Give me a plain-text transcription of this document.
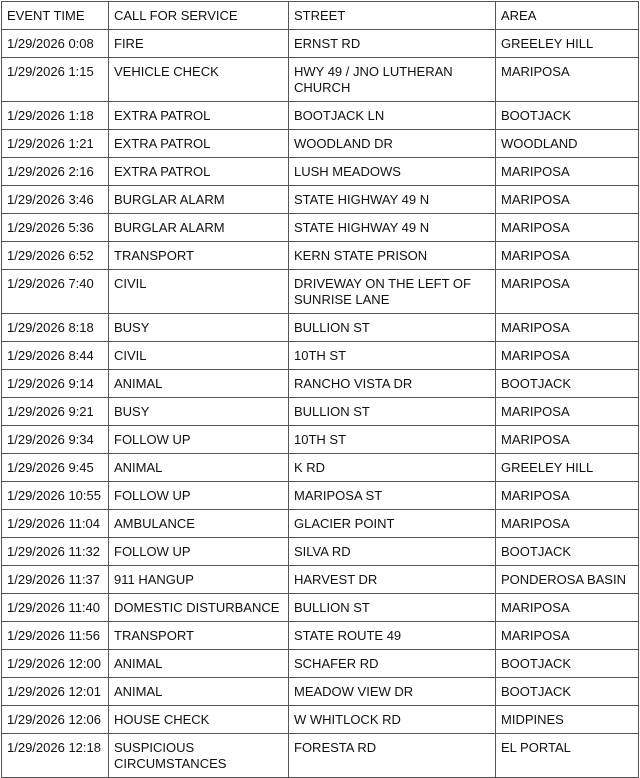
EVENT TIME	CALL FOR SERVICE	STREET	AREA
1/29/2026 0:08	FIRE	ERNST RD	GREELEY HILL
1/29/2026 1:15	VEHICLE CHECK	HWY 49 / JNO LUTHERAN CHURCH	MARIPOSA
1/29/2026 1:18	EXTRA PATROL	BOOTJACK LN	BOOTJACK
1/29/2026 1:21	EXTRA PATROL	WOODLAND DR	WOODLAND
1/29/2026 2:16	EXTRA PATROL	LUSH MEADOWS	MARIPOSA
1/29/2026 3:46	BURGLAR ALARM	STATE HIGHWAY 49 N	MARIPOSA
1/29/2026 5:36	BURGLAR ALARM	STATE HIGHWAY 49 N	MARIPOSA
1/29/2026 6:52	TRANSPORT	KERN STATE PRISON	MARIPOSA
1/29/2026 7:40	CIVIL	DRIVEWAY ON THE LEFT OF SUNRISE LANE	MARIPOSA
1/29/2026 8:18	BUSY	BULLION ST	MARIPOSA
1/29/2026 8:44	CIVIL	10TH ST	MARIPOSA
1/29/2026 9:14	ANIMAL	RANCHO VISTA DR	BOOTJACK
1/29/2026 9:21	BUSY	BULLION ST	MARIPOSA
1/29/2026 9:34	FOLLOW UP	10TH ST	MARIPOSA
1/29/2026 9:45	ANIMAL	K RD	GREELEY HILL
1/29/2026 10:55	FOLLOW UP	MARIPOSA ST	MARIPOSA
1/29/2026 11:04	AMBULANCE	GLACIER POINT	MARIPOSA
1/29/2026 11:32	FOLLOW UP	SILVA RD	BOOTJACK
1/29/2026 11:37	911 HANGUP	HARVEST DR	PONDEROSA BASIN
1/29/2026 11:40	DOMESTIC DISTURBANCE	BULLION ST	MARIPOSA
1/29/2026 11:56	TRANSPORT	STATE ROUTE 49	MARIPOSA
1/29/2026 12:00	ANIMAL	SCHAFER RD	BOOTJACK
1/29/2026 12:01	ANIMAL	MEADOW VIEW DR	BOOTJACK
1/29/2026 12:06	HOUSE CHECK	W WHITLOCK RD	MIDPINES
1/29/2026 12:18	SUSPICIOUS CIRCUMSTANCES	FORESTA RD	EL PORTAL
